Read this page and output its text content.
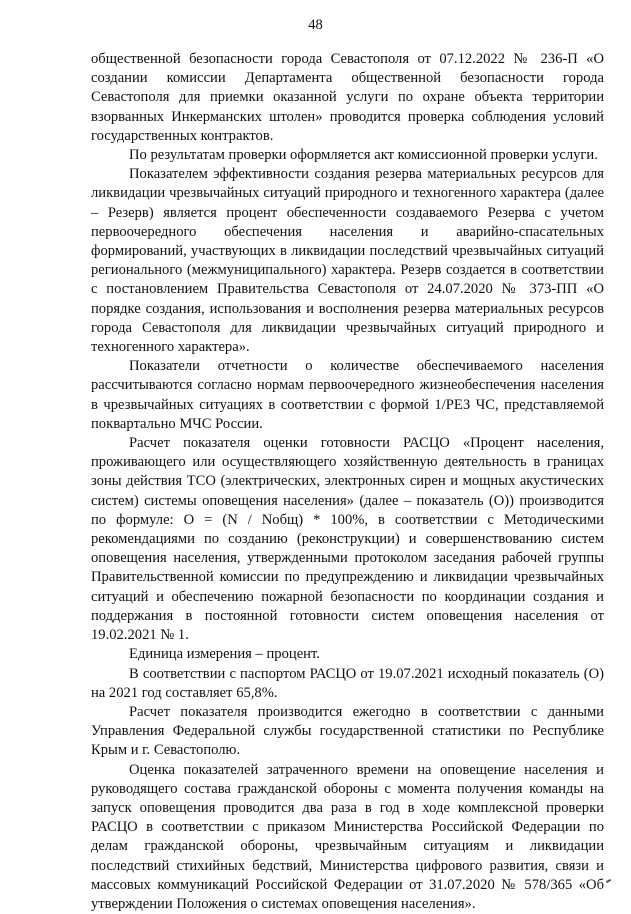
48

общественной безопасности города Севастополя от 07.12.2022 № 236-П «О создании комиссии Департамента общественной безопасности города Севастополя для приемки оказанной услуги по охране объекта территории взорванных Инкерманских штолен» проводится проверка соблюдения условий государственных контрактов.

По результатам проверки оформляется акт комиссионной проверки услуги.

Показателем эффективности создания резерва материальных ресурсов для ликвидации чрезвычайных ситуаций природного и техногенного характера (далее – Резерв) является процент обеспеченности создаваемого Резерва с учетом первоочередного обеспечения населения и аварийно-спасательных формирований, участвующих в ликвидации последствий чрезвычайных ситуаций регионального (межмуниципального) характера. Резерв создается в соответствии с постановлением Правительства Севастополя от 24.07.2020 № 373-ПП «О порядке создания, использования и восполнения резерва материальных ресурсов города Севастополя для ликвидации чрезвычайных ситуаций природного и техногенного характера».

Показатели отчетности о количестве обеспечиваемого населения рассчитываются согласно нормам первоочередного жизнеобеспечения населения в чрезвычайных ситуациях в соответствии с формой 1/РЕЗ ЧС, представляемой поквартально МЧС России.

Расчет показателя оценки готовности РАСЦО «Процент населения, проживающего или осуществляющего хозяйственную деятельность в границах зоны действия ТСО (электрических, электронных сирен и мощных акустических систем) системы оповещения населения» (далее – показатель (О)) производится по формуле: О = (N / Nобщ) * 100%, в соответствии с Методическими рекомендациями по созданию (реконструкции) и совершенствованию систем оповещения населения, утвержденными протоколом заседания рабочей группы Правительственной комиссии по предупреждению и ликвидации чрезвычайных ситуаций и обеспечению пожарной безопасности по координации создания и поддержания в постоянной готовности систем оповещения населения от 19.02.2021 № 1.

Единица измерения – процент.

В соответствии с паспортом РАСЦО от 19.07.2021 исходный показатель (О) на 2021 год составляет 65,8%.

Расчет показателя производится ежегодно в соответствии с данными Управления Федеральной службы государственной статистики по Республике Крым и г. Севастополю.

Оценка показателей затраченного времени на оповещение населения и руководящего состава гражданской обороны с момента получения команды на запуск оповещения проводится два раза в год в ходе комплексной проверки РАСЦО в соответствии с приказом Министерства Российской Федерации по делам гражданской обороны, чрезвычайным ситуациям и ликвидации последствий стихийных бедствий, Министерства цифрового развития, связи и массовых коммуникаций Российской Федерации от 31.07.2020 № 578/365 «Об утверждении Положения о системах оповещения населения».
